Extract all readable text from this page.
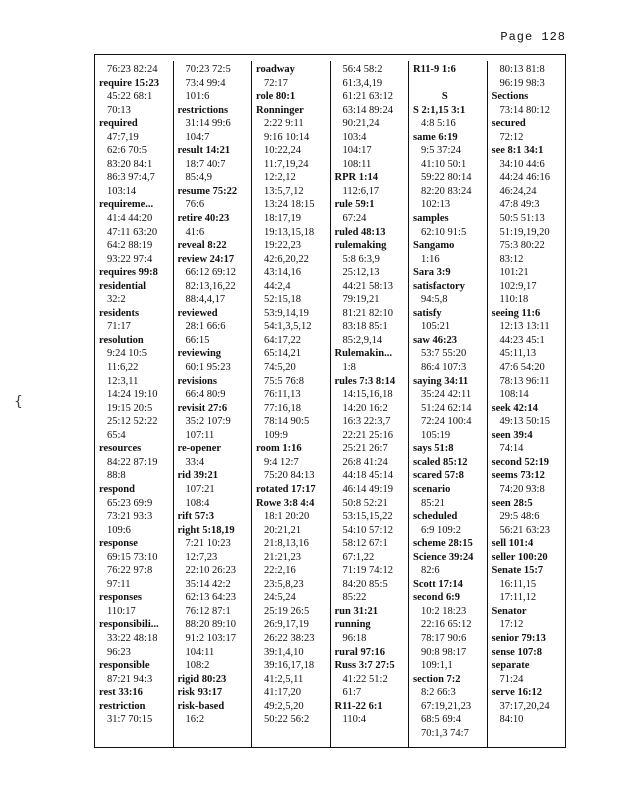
Page 128
{
76:23 82:24
require 15:23
45:22 68:1
70:13
required
47:7,19
62:6 70:5
83:20 84:1
86:3 97:4,7
103:14
requireme...
41:4 44:20
47:11 63:20
64:2 88:19
93:22 97:4
requires 99:8
residential
32:2
residents
71:17
resolution
9:24 10:5
11:6,22
12:3,11
14:24 19:10
19:15 20:5
25:12 52:22
65:4
resources
84:22 87:19
88:8
respond
65:23 69:9
73:21 93:3
109:6
response
69:15 73:10
76:22 97:8
97:11
responses
110:17
responsibili...
33:22 48:18
96:23
responsible
87:21 94:3
rest 33:16
restriction
31:7 70:15
70:23 72:5
73:4 99:4
101:6
restrictions
31:14 99:6
104:7
result 14:21
18:7 40:7
85:4,9
resume 75:22
76:6
retire 40:23
41:6
reveal 8:22
review 24:17
66:12 69:12
82:13,16,22
88:4,4,17
reviewed
28:1 66:6
66:15
reviewing
60:1 95:23
revisions
66:4 80:9
revisit 27:6
35:2 107:9
107:11
re-opener
33:4
rid 39:21
107:21
108:4
rift 57:3
right 5:18,19
7:21 10:23
12:7,23
22:10 26:23
35:14 42:2
62:13 64:23
76:12 87:1
88:20 89:10
91:2 103:17
104:11
108:2
rigid 80:23
risk 93:17
risk-based
16:2
roadway
72:17
role 80:1
Ronninger
2:22 9:11
9:16 10:14
10:22,24
11:7,19,24
12:2,12
13:5,7,12
13:24 18:15
18:17,19
19:13,15,18
19:22,23
42:6,20,22
43:14,16
44:2,4
52:15,18
53:9,14,19
54:1,3,5,12
64:17,22
65:14,21
74:5,20
75:5 76:8
76:11,13
77:16,18
78:14 90:5
109:9
room 1:16
9:4 12:7
75:20 84:13
rotated 17:17
Rowe 3:8 4:4
18:1 20:20
20:21,21
21:8,13,16
21:21,23
22:2,16
23:5,8,23
24:5,24
25:19 26:5
26:9,17,19
26:22 38:23
39:1,4,10
39:16,17,18
41:2,5,11
41:17,20
49:2,5,20
50:22 56:2
56:4 58:2
61:3,4,19
61:21 63:12
63:14 89:24
90:21,24
103:4
104:17
108:11
RPR 1:14
112:6,17
rule 59:1
67:24
ruled 48:13
rulemaking
5:8 6:3,9
25:12,13
44:21 58:13
79:19,21
81:21 82:10
83:18 85:1
85:2,9,14
Rulemakin...
1:8
rules 7:3 8:14
14:15,16,18
14:20 16:2
16:3 22:3,7
22:21 25:16
25:21 26:7
26:8 41:24
44:18 45:14
46:14 49:19
50:8 52:21
53:15,15,22
54:10 57:12
58:12 67:1
67:1,22
71:19 74:12
84:20 85:5
85:22
run 31:21
running
96:18
rural 97:16
Russ 3:7 27:5
41:22 51:2
61:7
R11-22 6:1
110:4
R11-9 1:6
S
S 2:1,15 3:1
4:8 5:16
same 6:19
9:5 37:24
41:10 50:1
59:22 80:14
82:20 83:24
102:13
samples
62:10 91:5
Sangamo
1:16
Sara 3:9
satisfactory
94:5,8
satisfy
105:21
saw 46:23
53:7 55:20
86:4 107:3
saying 34:11
35:24 42:11
51:24 62:14
72:24 100:4
105:19
says 51:8
scaled 85:12
scared 57:8
scenario
85:21
scheduled
6:9 109:2
scheme 28:15
Science 39:24
82:6
Scott 17:14
second 6:9
10:2 18:23
22:16 65:12
78:17 90:6
90:8 98:17
109:1,1
section 7:2
8:2 66:3
67:19,21,23
68:5 69:4
70:1,3 74:7
80:13 81:8
96:19 98:3
Sections
73:14 80:12
secured
72:12
see 8:1 34:1
34:10 44:6
44:24 46:16
46:24,24
47:8 49:3
50:5 51:13
51:19,19,20
75:3 80:22
83:12
101:21
102:9,17
110:18
seeing 11:6
12:13 13:11
44:23 45:1
45:11,13
47:6 54:20
78:13 96:11
108:14
seek 42:14
49:13 50:15
seen 39:4
74:14
second 52:19
seems 73:12
74:20 93:8
seen 28:5
29:5 48:6
56:21 63:23
sell 101:4
seller 100:20
Senate 15:7
16:11,15
17:11,12
Senator
17:12
senior 79:13
sense 107:8
separate
71:24
serve 16:12
37:17,20,24
84:10
